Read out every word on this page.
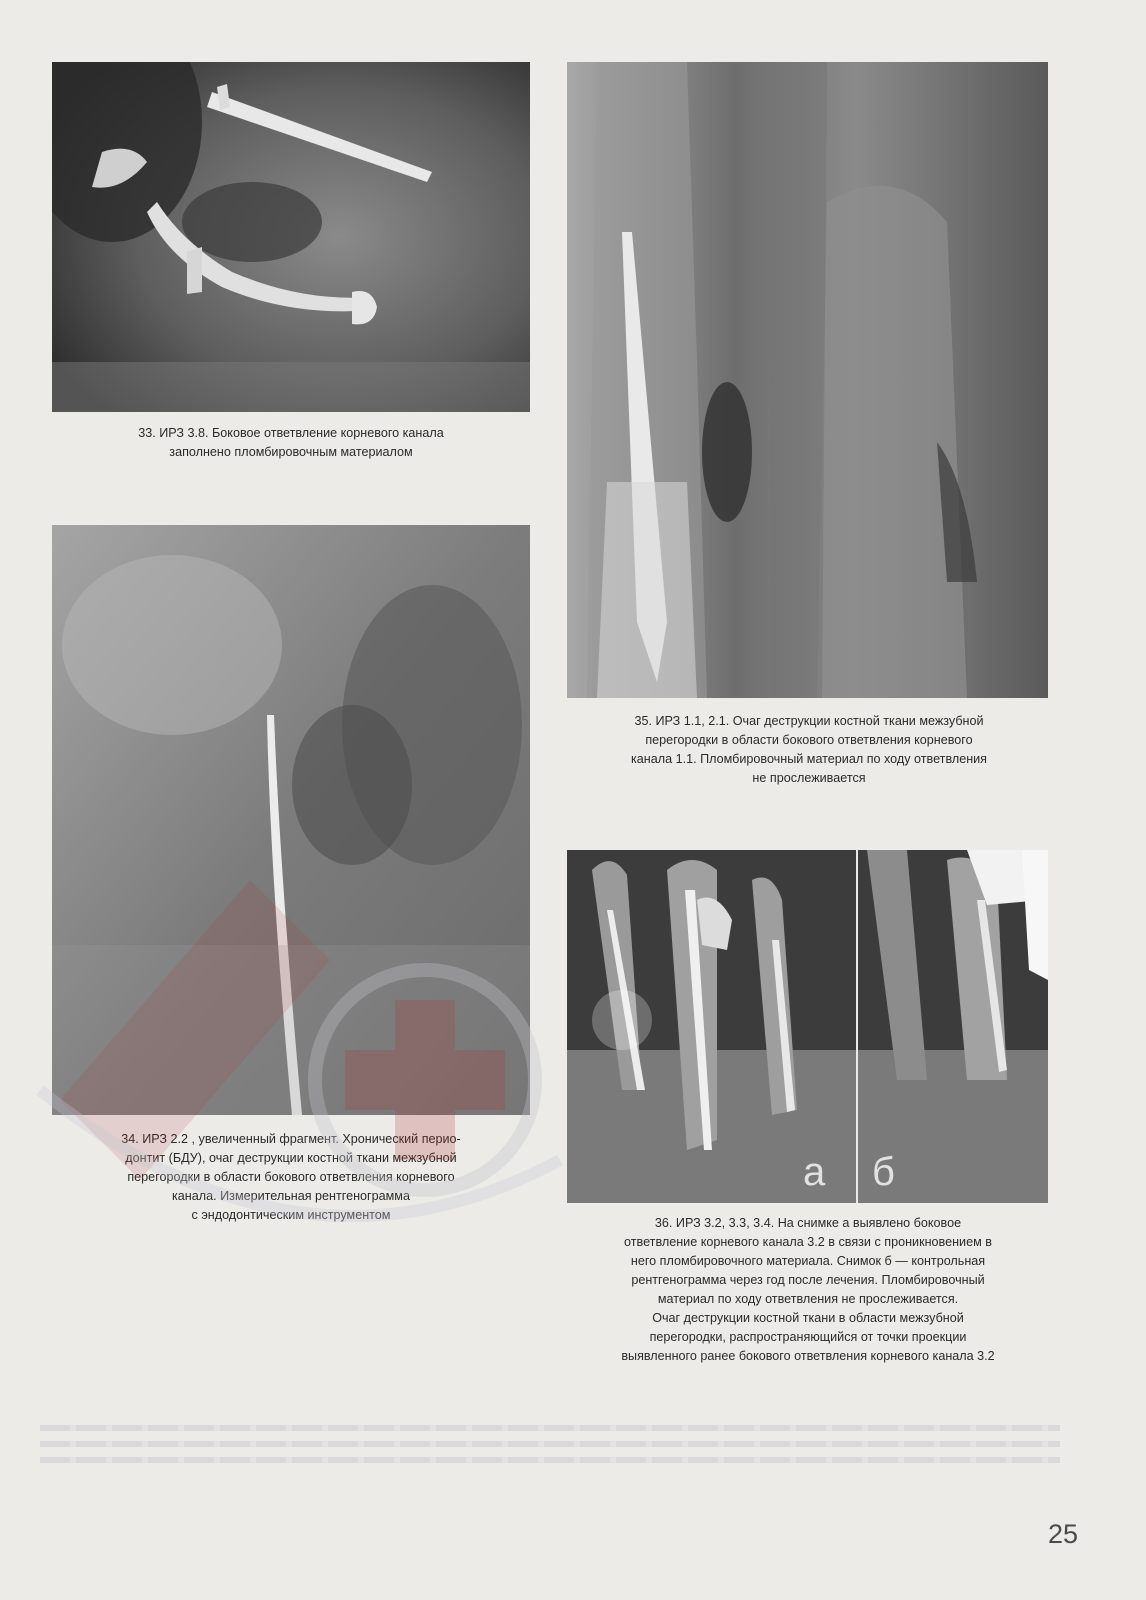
33. ИРЗ 3.8. Боковое ответвление корневого канала

заполнено пломбировочным материалом

35. ИРЗ 1.1, 2.1. Очаг деструкции костной ткани межзубной

перегородки в области бокового ответвления корневого

канала 1.1. Пломбировочный материал по ходу ответвления

не прослеживается

34. ИРЗ 2.2 , увеличенный фрагмент. Хронический перио-

донтит (БДУ), очаг деструкции костной ткани межзубной

перегородки в области бокового ответвления корневого

канала. Измерительная рентгенограмма

с эндодонтическим инструментом

а б

36. ИРЗ 3.2, 3.3, 3.4. На снимке а выявлено боковое

ответвление корневого канала 3.2 в связи с проникновением в

него пломбировочного материала. Снимок б — контрольная

рентгенограмма через год после лечения. Пломбировочный

материал по ходу ответвления не прослеживается.

Очаг деструкции костной ткани в области межзубной

перегородки, распространяющийся от точки проекции

выявленного ранее бокового ответвления корневого канала 3.2

25
